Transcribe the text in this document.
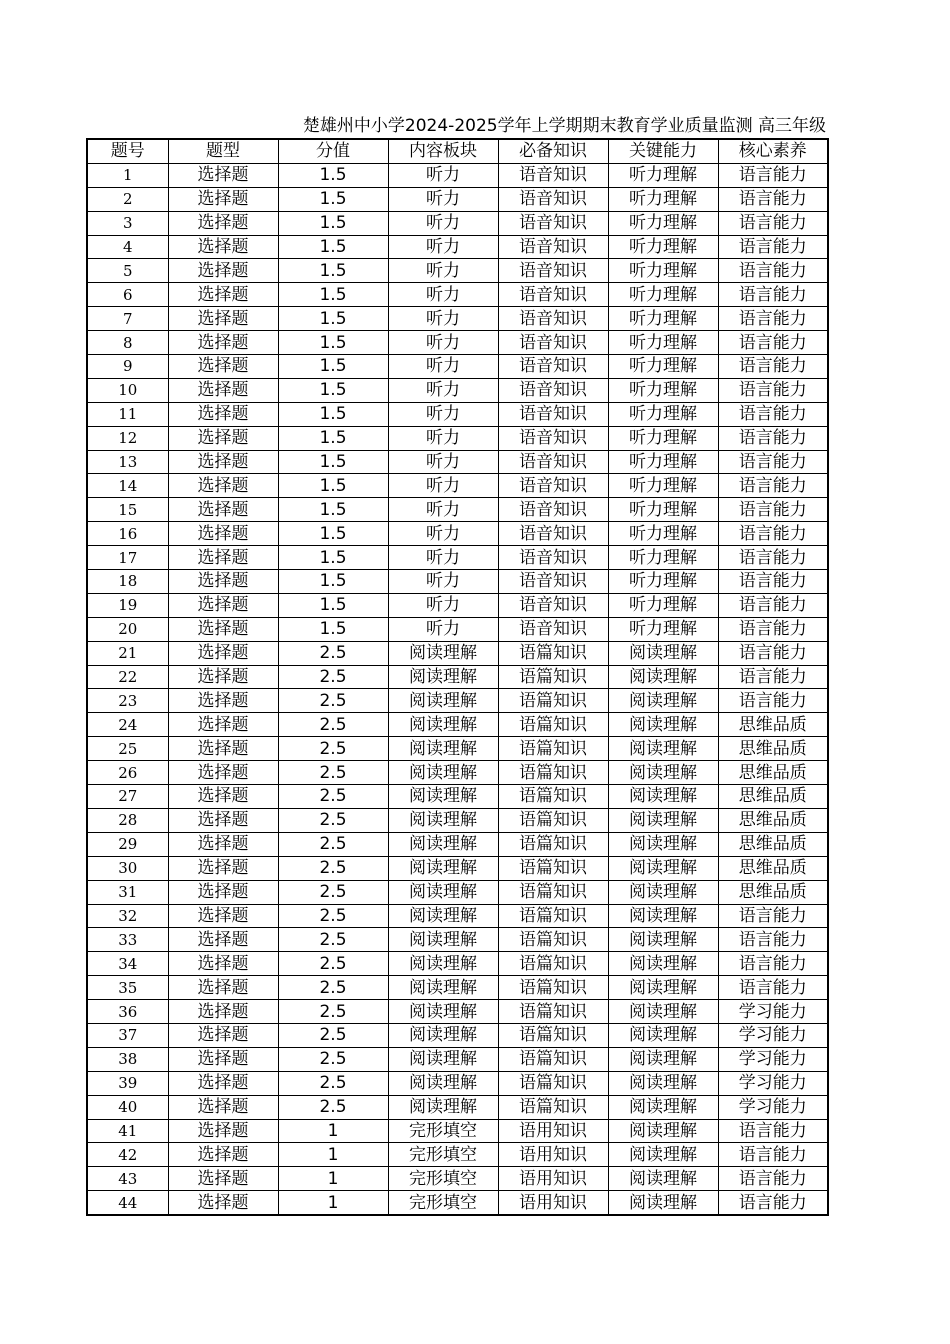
楚雄州中小学2024-2025学年上学期期末教育学业质量监测 高三年级
题号	题型	分值	内容板块	必备知识	关键能力	核心素养
1	选择题	1.5	听力	语音知识	听力理解	语言能力
2	选择题	1.5	听力	语音知识	听力理解	语言能力
3	选择题	1.5	听力	语音知识	听力理解	语言能力
4	选择题	1.5	听力	语音知识	听力理解	语言能力
5	选择题	1.5	听力	语音知识	听力理解	语言能力
6	选择题	1.5	听力	语音知识	听力理解	语言能力
7	选择题	1.5	听力	语音知识	听力理解	语言能力
8	选择题	1.5	听力	语音知识	听力理解	语言能力
9	选择题	1.5	听力	语音知识	听力理解	语言能力
10	选择题	1.5	听力	语音知识	听力理解	语言能力
11	选择题	1.5	听力	语音知识	听力理解	语言能力
12	选择题	1.5	听力	语音知识	听力理解	语言能力
13	选择题	1.5	听力	语音知识	听力理解	语言能力
14	选择题	1.5	听力	语音知识	听力理解	语言能力
15	选择题	1.5	听力	语音知识	听力理解	语言能力
16	选择题	1.5	听力	语音知识	听力理解	语言能力
17	选择题	1.5	听力	语音知识	听力理解	语言能力
18	选择题	1.5	听力	语音知识	听力理解	语言能力
19	选择题	1.5	听力	语音知识	听力理解	语言能力
20	选择题	1.5	听力	语音知识	听力理解	语言能力
21	选择题	2.5	阅读理解	语篇知识	阅读理解	语言能力
22	选择题	2.5	阅读理解	语篇知识	阅读理解	语言能力
23	选择题	2.5	阅读理解	语篇知识	阅读理解	语言能力
24	选择题	2.5	阅读理解	语篇知识	阅读理解	思维品质
25	选择题	2.5	阅读理解	语篇知识	阅读理解	思维品质
26	选择题	2.5	阅读理解	语篇知识	阅读理解	思维品质
27	选择题	2.5	阅读理解	语篇知识	阅读理解	思维品质
28	选择题	2.5	阅读理解	语篇知识	阅读理解	思维品质
29	选择题	2.5	阅读理解	语篇知识	阅读理解	思维品质
30	选择题	2.5	阅读理解	语篇知识	阅读理解	思维品质
31	选择题	2.5	阅读理解	语篇知识	阅读理解	思维品质
32	选择题	2.5	阅读理解	语篇知识	阅读理解	语言能力
33	选择题	2.5	阅读理解	语篇知识	阅读理解	语言能力
34	选择题	2.5	阅读理解	语篇知识	阅读理解	语言能力
35	选择题	2.5	阅读理解	语篇知识	阅读理解	语言能力
36	选择题	2.5	阅读理解	语篇知识	阅读理解	学习能力
37	选择题	2.5	阅读理解	语篇知识	阅读理解	学习能力
38	选择题	2.5	阅读理解	语篇知识	阅读理解	学习能力
39	选择题	2.5	阅读理解	语篇知识	阅读理解	学习能力
40	选择题	2.5	阅读理解	语篇知识	阅读理解	学习能力
41	选择题	1	完形填空	语用知识	阅读理解	语言能力
42	选择题	1	完形填空	语用知识	阅读理解	语言能力
43	选择题	1	完形填空	语用知识	阅读理解	语言能力
44	选择题	1	完形填空	语用知识	阅读理解	语言能力
